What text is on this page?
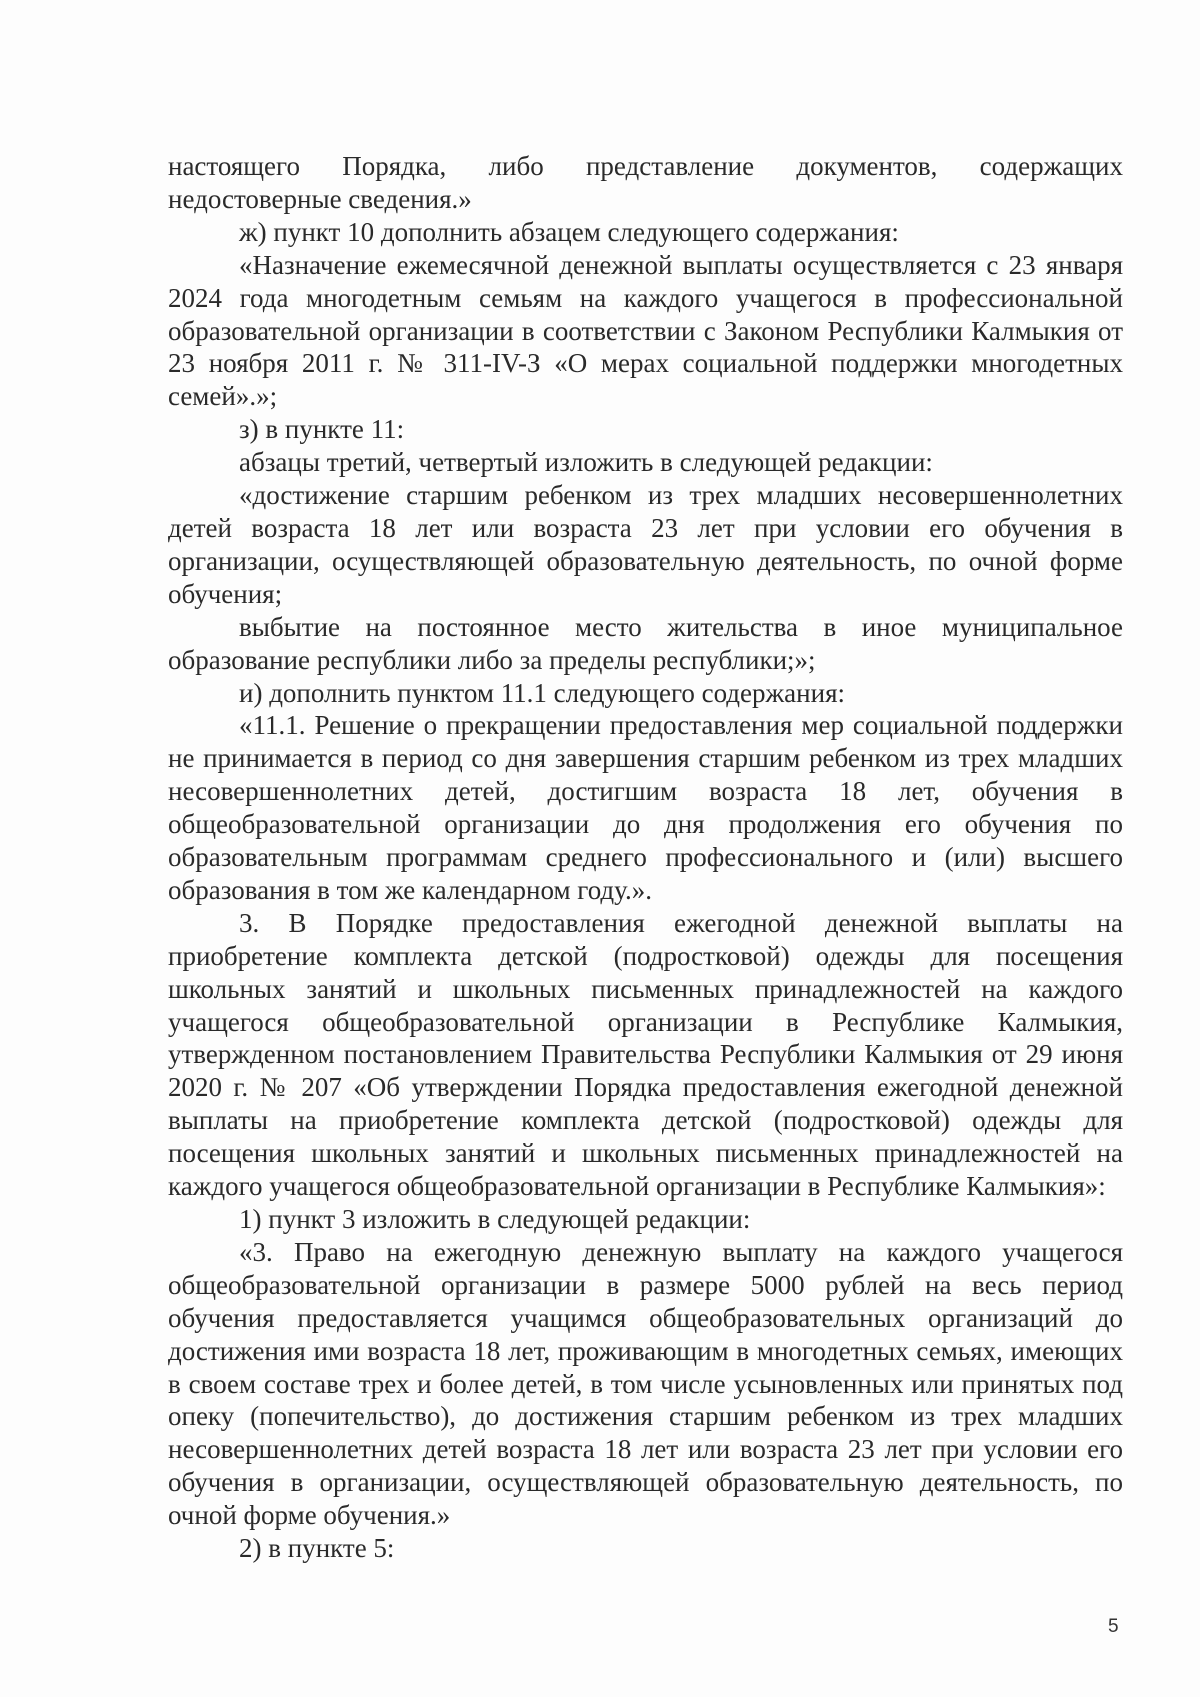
настоящего Порядка, либо представление документов, содержащих недостоверные сведения.»

ж) пункт 10 дополнить абзацем следующего содержания:

«Назначение ежемесячной денежной выплаты осуществляется с 23 января 2024 года многодетным семьям на каждого учащегося в профессиональной образовательной организации в соответствии с Законом Республики Калмыкия от 23 ноября 2011 г. № 311-IV-З «О мерах социальной поддержки многодетных семей».»;

з) в пункте 11:

абзацы третий, четвертый изложить в следующей редакции:

«достижение старшим ребенком из трех младших несовершеннолетних детей возраста 18 лет или возраста 23 лет при условии его обучения в организации, осуществляющей образовательную деятельность, по очной форме обучения;

выбытие на постоянное место жительства в иное муниципальное образование республики либо за пределы республики;»;

и) дополнить пунктом 11.1 следующего содержания:

«11.1. Решение о прекращении предоставления мер социальной поддержки не принимается в период со дня завершения старшим ребенком из трех младших несовершеннолетних детей, достигшим возраста 18 лет, обучения в общеобразовательной организации до дня продолжения его обучения по образовательным программам среднего профессионального и (или) высшего образования в том же календарном году.».

3. В Порядке предоставления ежегодной денежной выплаты на приобретение комплекта детской (подростковой) одежды для посещения школьных занятий и школьных письменных принадлежностей на каждого учащегося общеобразовательной организации в Республике Калмыкия, утвержденном постановлением Правительства Республики Калмыкия от 29 июня 2020 г. № 207 «Об утверждении Порядка предоставления ежегодной денежной выплаты на приобретение комплекта детской (подростковой) одежды для посещения школьных занятий и школьных письменных принадлежностей на каждого учащегося общеобразовательной организации в Республике Калмыкия»:

1) пункт 3 изложить в следующей редакции:

«3. Право на ежегодную денежную выплату на каждого учащегося общеобразовательной организации в размере 5000 рублей на весь период обучения предоставляется учащимся общеобразовательных организаций до достижения ими возраста 18 лет, проживающим в многодетных семьях, имеющих в своем составе трех и более детей, в том числе усыновленных или принятых под опеку (попечительство), до достижения старшим ребенком из трех младших несовершеннолетних детей возраста 18 лет или возраста 23 лет при условии его обучения в организации, осуществляющей образовательную деятельность, по очной форме обучения.»

2) в пункте 5:

5
